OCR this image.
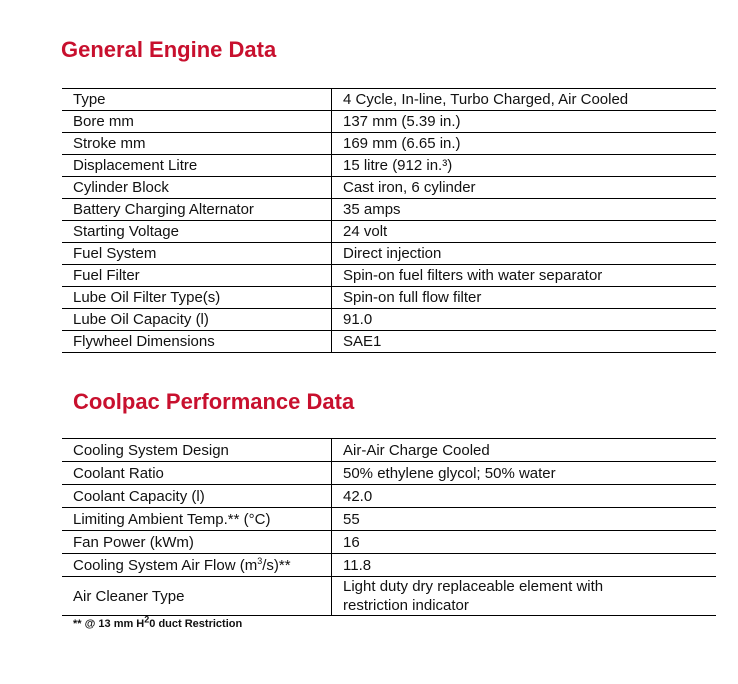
General Engine Data
Type	4 Cycle, In-line, Turbo Charged, Air Cooled
Bore mm	137 mm (5.39 in.)
Stroke mm	169 mm (6.65 in.)
Displacement Litre	15 litre (912 in.³)
Cylinder Block	Cast iron, 6 cylinder
Battery Charging Alternator	35 amps
Starting Voltage	24 volt
Fuel System	Direct injection
Fuel Filter	Spin-on fuel filters with water separator
Lube Oil Filter Type(s)	Spin-on full flow filter
Lube Oil Capacity (l)	91.0
Flywheel Dimensions	SAE1
Coolpac Performance Data
Cooling System Design	Air-Air Charge Cooled
Coolant Ratio	50% ethylene glycol; 50% water
Coolant Capacity (l)	42.0
Limiting Ambient Temp.** (°C)	55
Fan Power (kWm)	16
Cooling System Air Flow $(m^3/s)**$	11.8
Air Cleaner Type	Light duty dry replaceable element with
restriction indicator
** @ 13 mm $H^20$ duct Restriction
